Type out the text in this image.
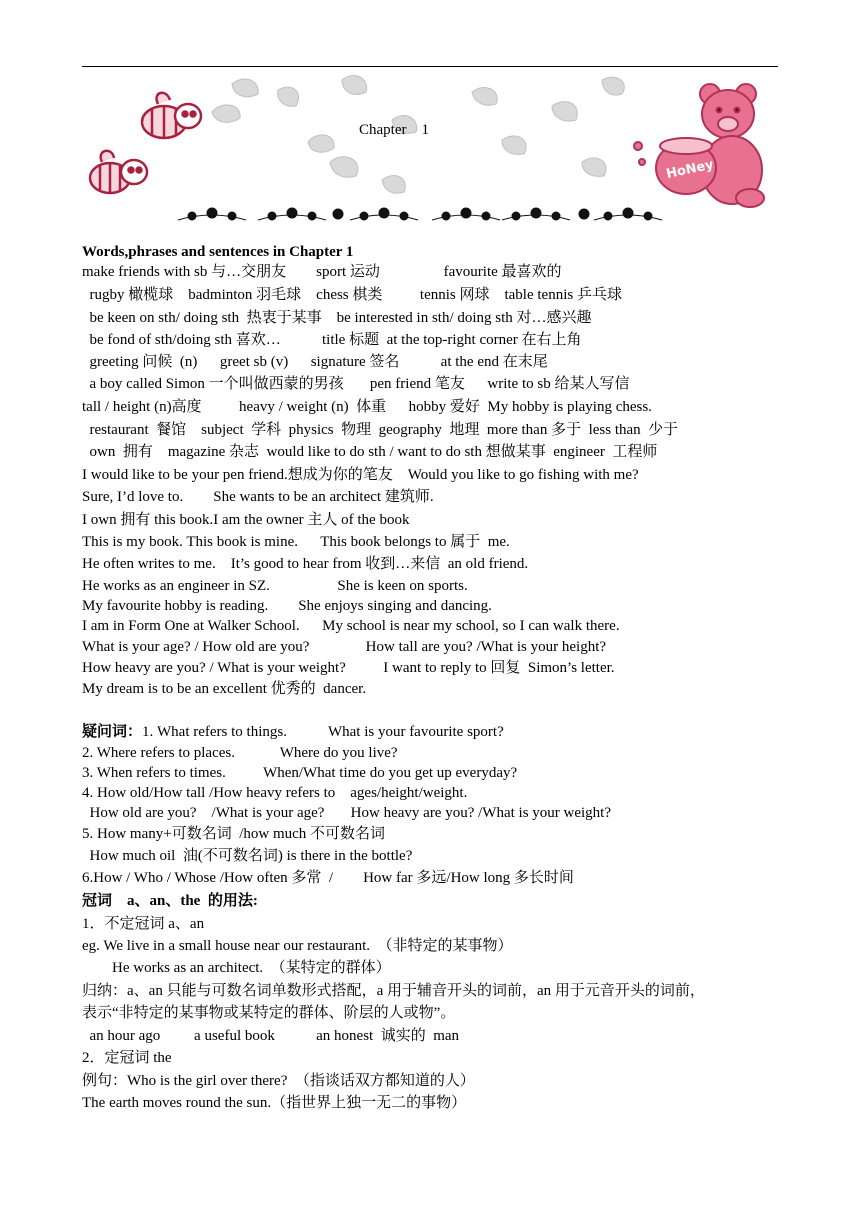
HoNey
Chapter    1
Words,phrases and sentences in Chapter 1
make friends with sb 与…交朋友        sport 运动                 favourite 最喜欢的
rugby 橄榄球    badminton 羽毛球    chess 棋类          tennis 网球    table tennis 乒乓球
be keen on sth/ doing sth  热衷于某事    be interested in sth/ doing sth 对…感兴趣
be fond of sth/doing sth 喜欢…           title 标题  at the top-right corner 在右上角
greeting 问候  (n)      greet sb (v)      signature 签名           at the end 在末尾
a boy called Simon 一个叫做西蒙的男孩       pen friend 笔友      write to sb 给某人写信
tall / height (n)高度          heavy / weight (n)  体重      hobby 爱好  My hobby is playing chess.
restaurant  餐馆    subject  学科  physics  物理  geography  地理  more than 多于  less than  少于
own  拥有    magazine 杂志  would like to do sth / want to do sth 想做某事  engineer  工程师
I would like to be your pen friend.想成为你的笔友    Would you like to go fishing with me?
Sure, I’d love to.        She wants to be an architect 建筑师.
I own 拥有 this book.I am the owner 主人 of the book
This is my book. This book is mine.      This book belongs to 属于  me.
He often writes to me.    It’s good to hear from 收到…来信  an old friend.
He works as an engineer in SZ.                  She is keen on sports.
My favourite hobby is reading.        She enjoys singing and dancing.
I am in Form One at Walker School.      My school is near my school, so I can walk there.
What is your age? / How old are you?               How tall are you? /What is your height?
How heavy are you? / What is your weight?          I want to reply to 回复  Simon’s letter.
My dream is to be an excellent 优秀的  dancer.
疑问词：1. What refers to things.           What is your favourite sport?
2. Where refers to places.            Where do you live?
3. When refers to times.          When/What time do you get up everyday?
4. How old/How tall /How heavy refers to    ages/height/weight.
How old are you?    /What is your age?       How heavy are you? /What is your weight?
5. How many+可数名词  /how much 不可数名词
How much oil  油(不可数名词) is there in the bottle?
6.How / Who / Whose /How often 多常  /        How far 多远/How long 多长时间
冠词    a、an、the  的用法:
1．不定冠词 a、an
eg. We live in a small house near our restaurant.  （非特定的某事物）
He works as an architect.  （某特定的群体）
归纳：a、an 只能与可数名词单数形式搭配，a 用于辅音开头的词前，an 用于元音开头的词前，
表示“非特定的某事物或某特定的群体、阶层的人或物”。
an hour ago         a useful book           an honest  诚实的  man
2．定冠词 the
例句：Who is the girl over there?  （指谈话双方都知道的人）
The earth moves round the sun.（指世界上独一无二的事物）
